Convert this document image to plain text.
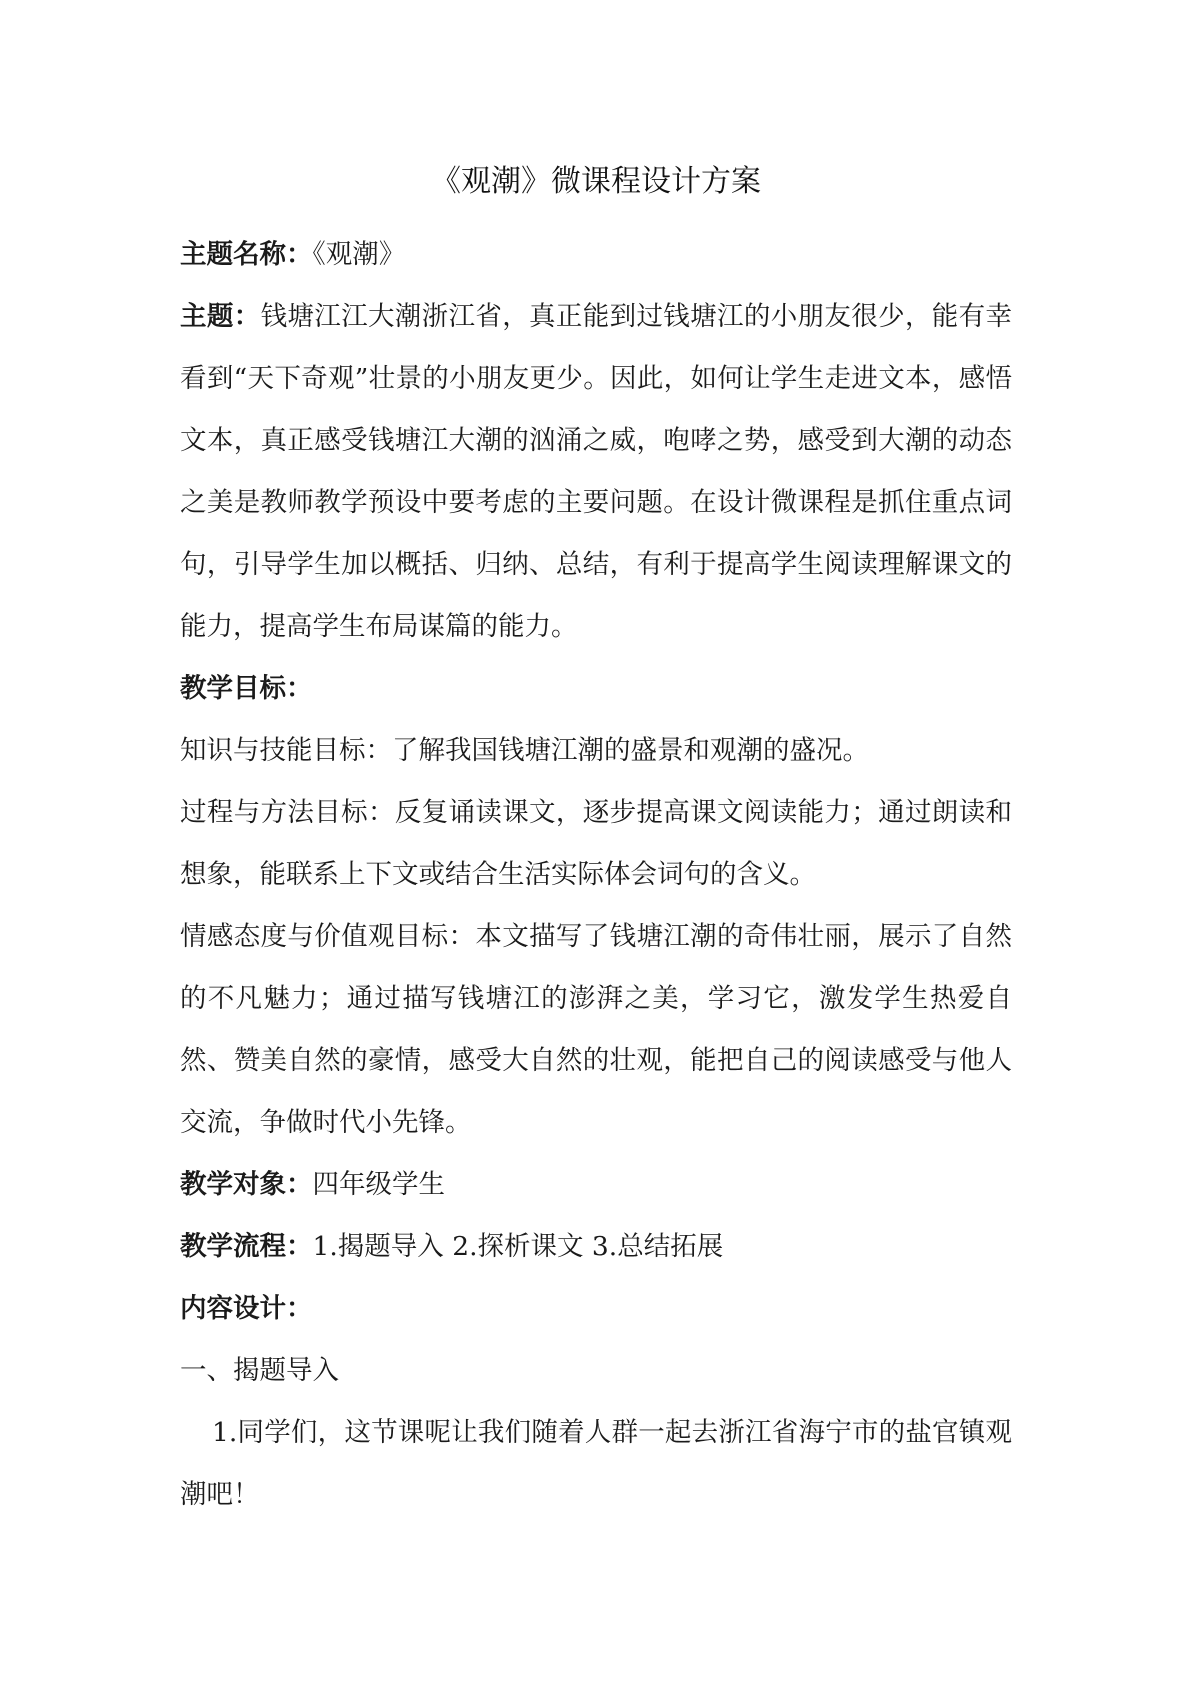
《观潮》微课程设计方案

主题名称：《观潮》

主题：钱塘江江大潮浙江省，真正能到过钱塘江的小朋友很少，能有幸看到“天下奇观”壮景的小朋友更少。因此，如何让学生走进文本，感悟文本，真正感受钱塘江大潮的汹涌之威，咆哮之势，感受到大潮的动态之美是教师教学预设中要考虑的主要问题。在设计微课程是抓住重点词句，引导学生加以概括、归纳、总结，有利于提高学生阅读理解课文的能力，提高学生布局谋篇的能力。

教学目标：

知识与技能目标：了解我国钱塘江潮的盛景和观潮的盛况。

过程与方法目标：反复诵读课文，逐步提高课文阅读能力；通过朗读和想象，能联系上下文或结合生活实际体会词句的含义。

情感态度与价值观目标：本文描写了钱塘江潮的奇伟壮丽，展示了自然的不凡魅力；通过描写钱塘江的澎湃之美，学习它，激发学生热爱自然、赞美自然的豪情，感受大自然的壮观，能把自己的阅读感受与他人交流，争做时代小先锋。

教学对象：四年级学生

教学流程：1.揭题导入 2.探析课文 3.总结拓展

内容设计：

一、揭题导入

1.同学们，这节课呢让我们随着人群一起去浙江省海宁市的盐官镇观潮吧！
